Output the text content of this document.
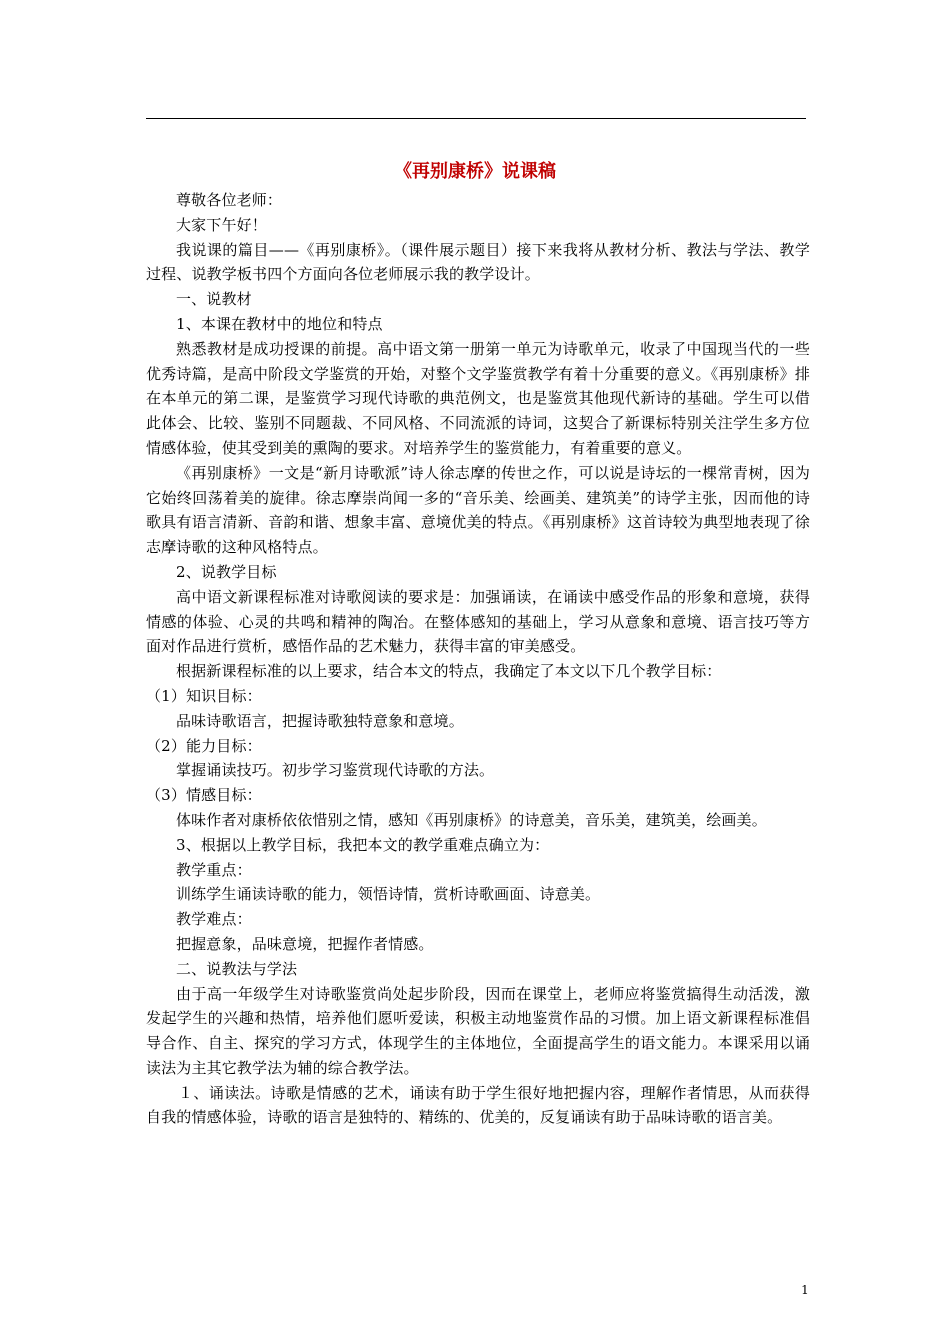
《再别康桥》说课稿

尊敬各位老师：

大家下午好！

我说课的篇目——《再别康桥》。（课件展示题目）接下来我将从教材分析、教法与学法、教学过程、说教学板书四个方面向各位老师展示我的教学设计。

一、说教材

1、本课在教材中的地位和特点

熟悉教材是成功授课的前提。高中语文第一册第一单元为诗歌单元，收录了中国现当代的一些优秀诗篇，是高中阶段文学鉴赏的开始，对整个文学鉴赏教学有着十分重要的意义。《再别康桥》排在本单元的第二课，是鉴赏学习现代诗歌的典范例文，也是鉴赏其他现代新诗的基础。学生可以借此体会、比较、鉴别不同题裁、不同风格、不同流派的诗词，这契合了新课标特别关注学生多方位情感体验，使其受到美的熏陶的要求。对培养学生的鉴赏能力，有着重要的意义。

《再别康桥》一文是“新月诗歌派”诗人徐志摩的传世之作，可以说是诗坛的一棵常青树，因为它始终回荡着美的旋律。徐志摩崇尚闻一多的“音乐美、绘画美、建筑美”的诗学主张，因而他的诗歌具有语言清新、音韵和谐、想象丰富、意境优美的特点。《再别康桥》这首诗较为典型地表现了徐志摩诗歌的这种风格特点。

2、说教学目标

高中语文新课程标准对诗歌阅读的要求是：加强诵读，在诵读中感受作品的形象和意境，获得情感的体验、心灵的共鸣和精神的陶冶。在整体感知的基础上，学习从意象和意境、语言技巧等方面对作品进行赏析，感悟作品的艺术魅力，获得丰富的审美感受。

根据新课程标准的以上要求，结合本文的特点，我确定了本文以下几个教学目标：

（1）知识目标：

品味诗歌语言，把握诗歌独特意象和意境。

（2）能力目标：

掌握诵读技巧。初步学习鉴赏现代诗歌的方法。

（3）情感目标：

体味作者对康桥依依惜别之情，感知《再别康桥》的诗意美，音乐美，建筑美，绘画美。

3、根据以上教学目标，我把本文的教学重难点确立为：

教学重点：

训练学生诵读诗歌的能力，领悟诗情，赏析诗歌画面、诗意美。

教学难点：

把握意象，品味意境，把握作者情感。

二、说教法与学法

由于高一年级学生对诗歌鉴赏尚处起步阶段，因而在课堂上，老师应将鉴赏搞得生动活泼，激发起学生的兴趣和热情，培养他们愿听爱读，积极主动地鉴赏作品的习惯。加上语文新课程标准倡导合作、自主、探究的学习方式，体现学生的主体地位，全面提高学生的语文能力。本课采用以诵读法为主其它教学法为辅的综合教学法。

１、诵读法。诗歌是情感的艺术，诵读有助于学生很好地把握内容，理解作者情思，从而获得自我的情感体验，诗歌的语言是独特的、精练的、优美的，反复诵读有助于品味诗歌的语言美。

1
